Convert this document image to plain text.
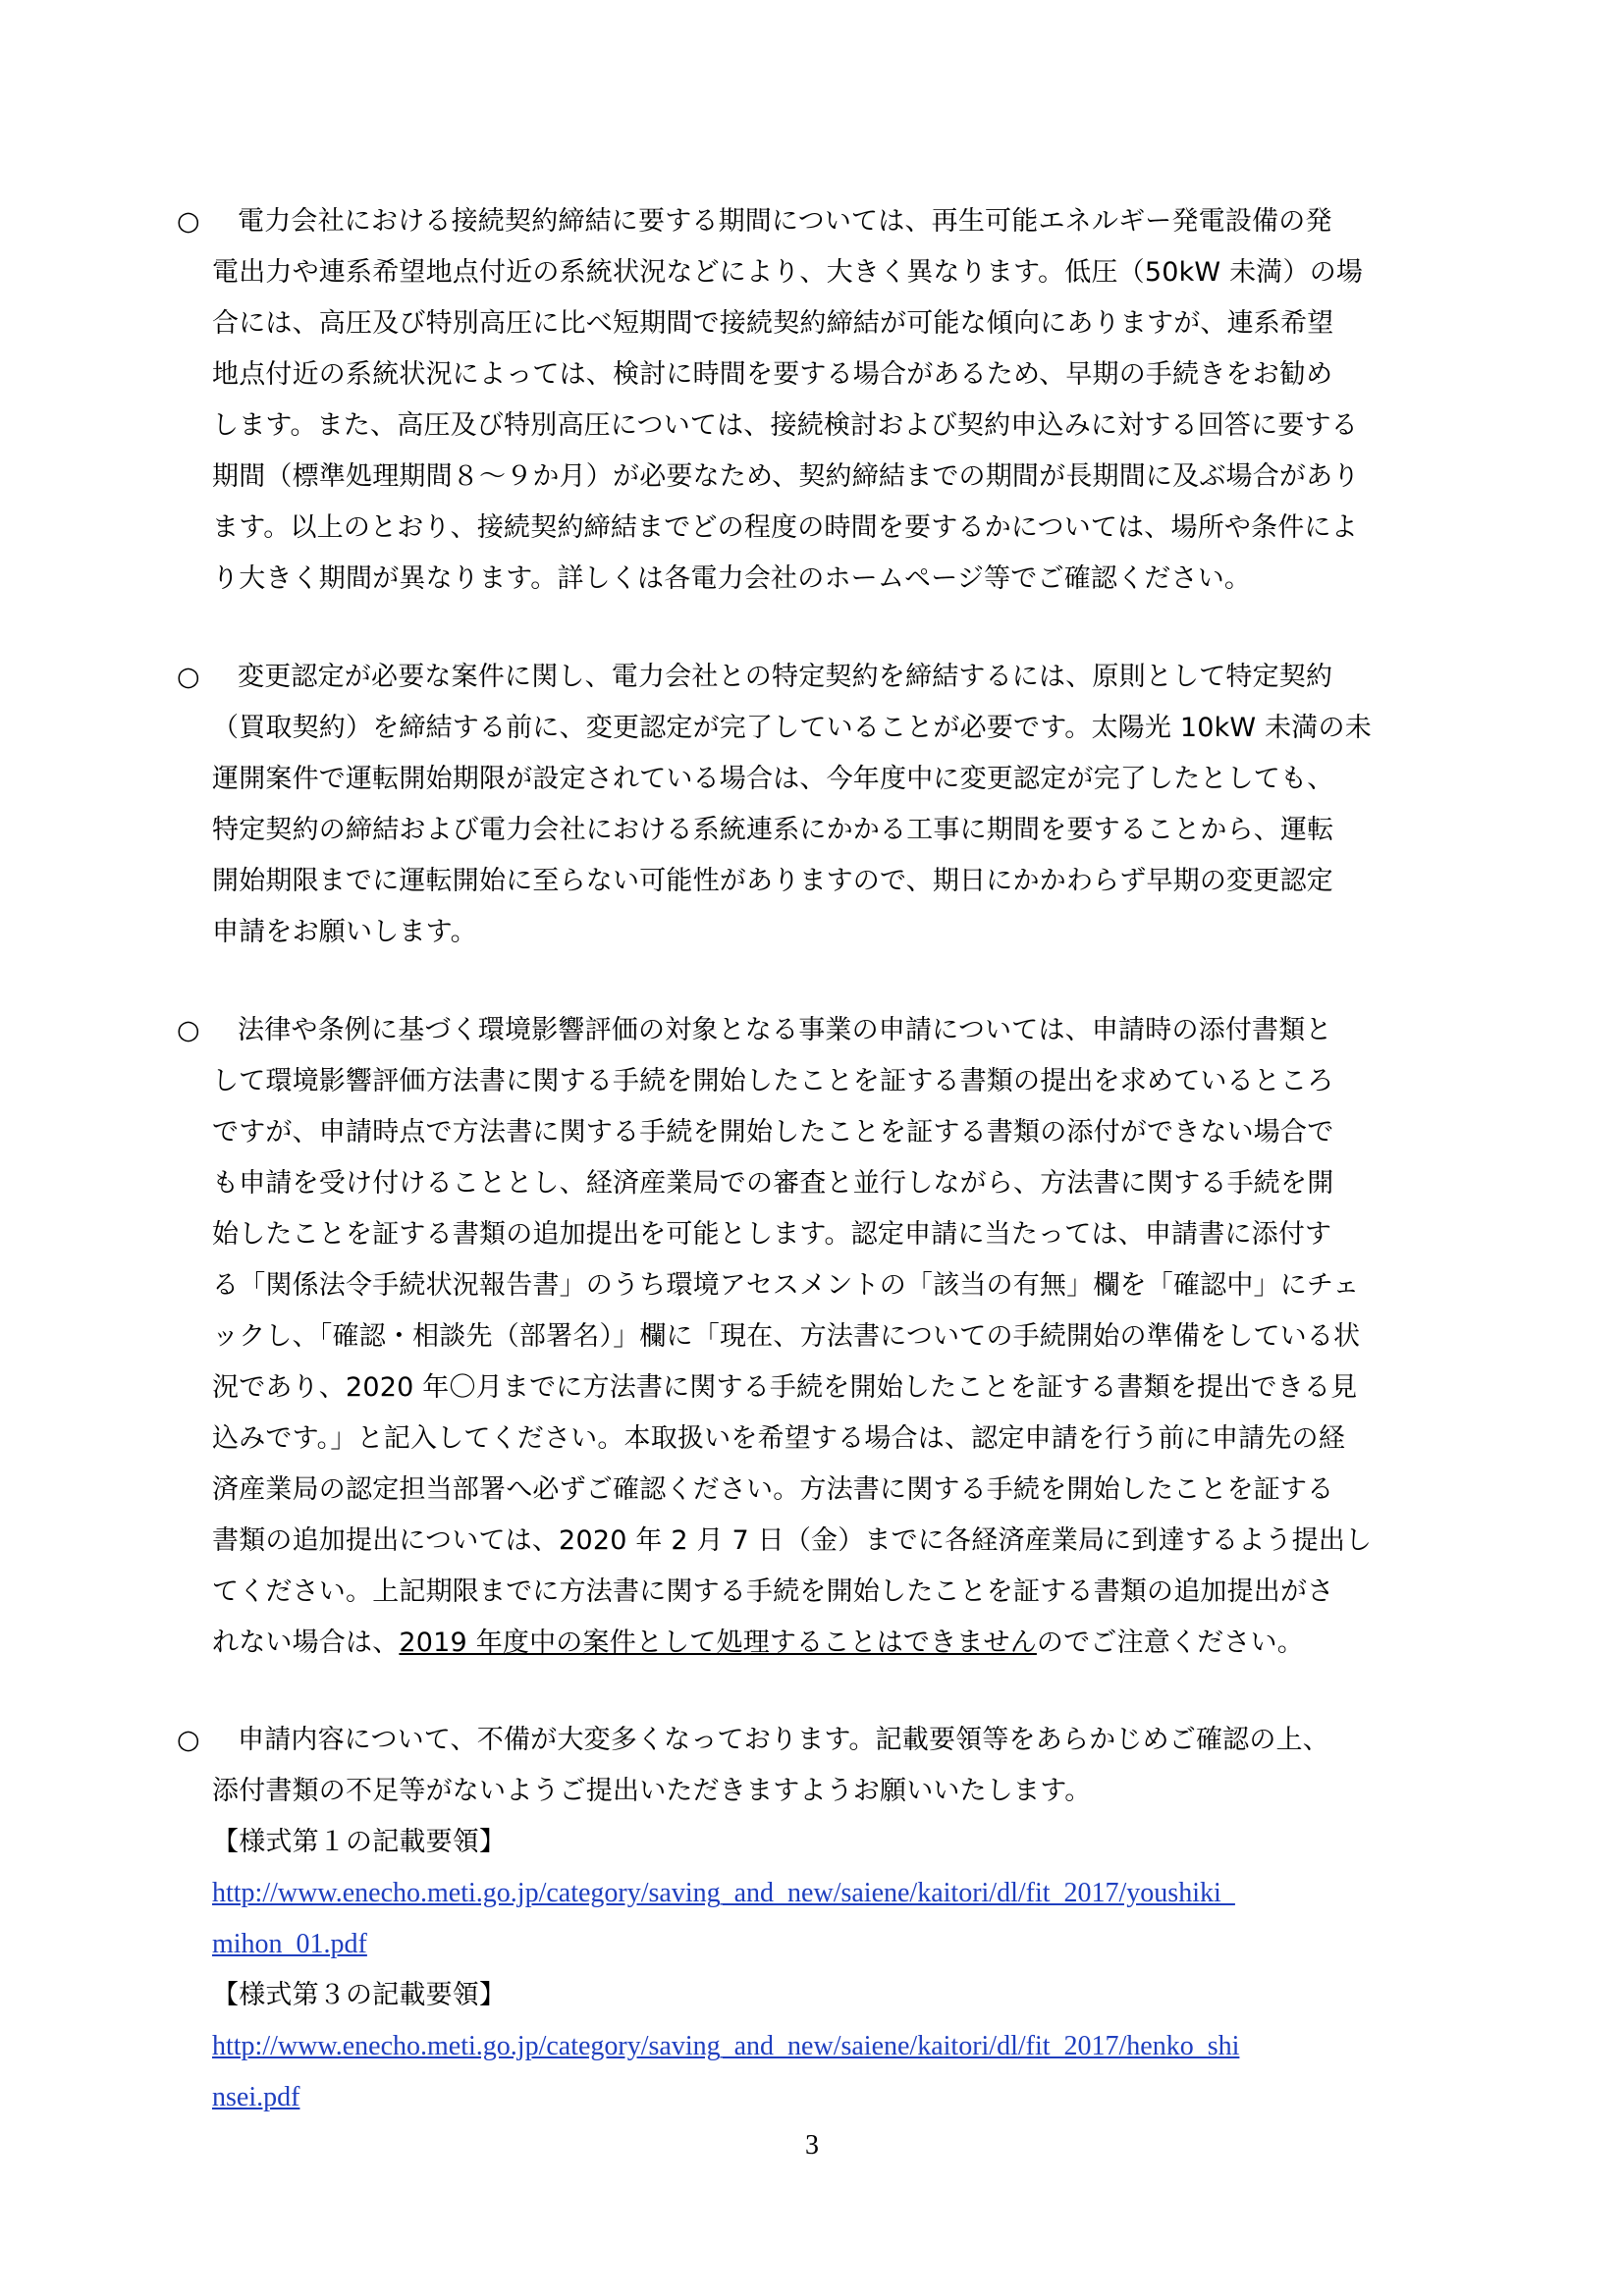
○ 電力会社における接続契約締結に要する期間については、再生可能エネルギー発電設備の発
電出力や連系希望地点付近の系統状況などにより、大きく異なります。低圧（50kW 未満）の場
合には、高圧及び特別高圧に比べ短期間で接続契約締結が可能な傾向にありますが、連系希望
地点付近の系統状況によっては、検討に時間を要する場合があるため、早期の手続きをお勧め
します。また、高圧及び特別高圧については、接続検討および契約申込みに対する回答に要する
期間（標準処理期間８～９か月）が必要なため、契約締結までの期間が長期間に及ぶ場合があり
ます。以上のとおり、接続契約締結までどの程度の時間を要するかについては、場所や条件によ
り大きく期間が異なります。詳しくは各電力会社のホームページ等でご確認ください。
○ 変更認定が必要な案件に関し、電力会社との特定契約を締結するには、原則として特定契約
（買取契約）を締結する前に、変更認定が完了していることが必要です。太陽光 10kW 未満の未
運開案件で運転開始期限が設定されている場合は、今年度中に変更認定が完了したとしても、
特定契約の締結および電力会社における系統連系にかかる工事に期間を要することから、運転
開始期限までに運転開始に至らない可能性がありますので、期日にかかわらず早期の変更認定
申請をお願いします。
○ 法律や条例に基づく環境影響評価の対象となる事業の申請については、申請時の添付書類と
して環境影響評価方法書に関する手続を開始したことを証する書類の提出を求めているところ
ですが、申請時点で方法書に関する手続を開始したことを証する書類の添付ができない場合で
も申請を受け付けることとし、経済産業局での審査と並行しながら、方法書に関する手続を開
始したことを証する書類の追加提出を可能とします。認定申請に当たっては、申請書に添付す
る「関係法令手続状況報告書」のうち環境アセスメントの「該当の有無」欄を「確認中」にチェ
ックし、「確認・相談先（部署名）」欄に「現在、方法書についての手続開始の準備をしている状
況であり、2020 年〇月までに方法書に関する手続を開始したことを証する書類を提出できる見
込みです。」と記入してください。本取扱いを希望する場合は、認定申請を行う前に申請先の経
済産業局の認定担当部署へ必ずご確認ください。方法書に関する手続を開始したことを証する
書類の追加提出については、2020 年 2 月 7 日（金）までに各経済産業局に到達するよう提出し
てください。上記期限までに方法書に関する手続を開始したことを証する書類の追加提出がさ
れない場合は、2019 年度中の案件として処理することはできませんのでご注意ください。
○ 申請内容について、不備が大変多くなっております。記載要領等をあらかじめご確認の上、
添付書類の不足等がないようご提出いただきますようお願いいたします。
【様式第１の記載要領】
http://www.enecho.meti.go.jp/category/saving_and_new/saiene/kaitori/dl/fit_2017/youshiki_
mihon_01.pdf
【様式第３の記載要領】
http://www.enecho.meti.go.jp/category/saving_and_new/saiene/kaitori/dl/fit_2017/henko_shi
nsei.pdf
3
